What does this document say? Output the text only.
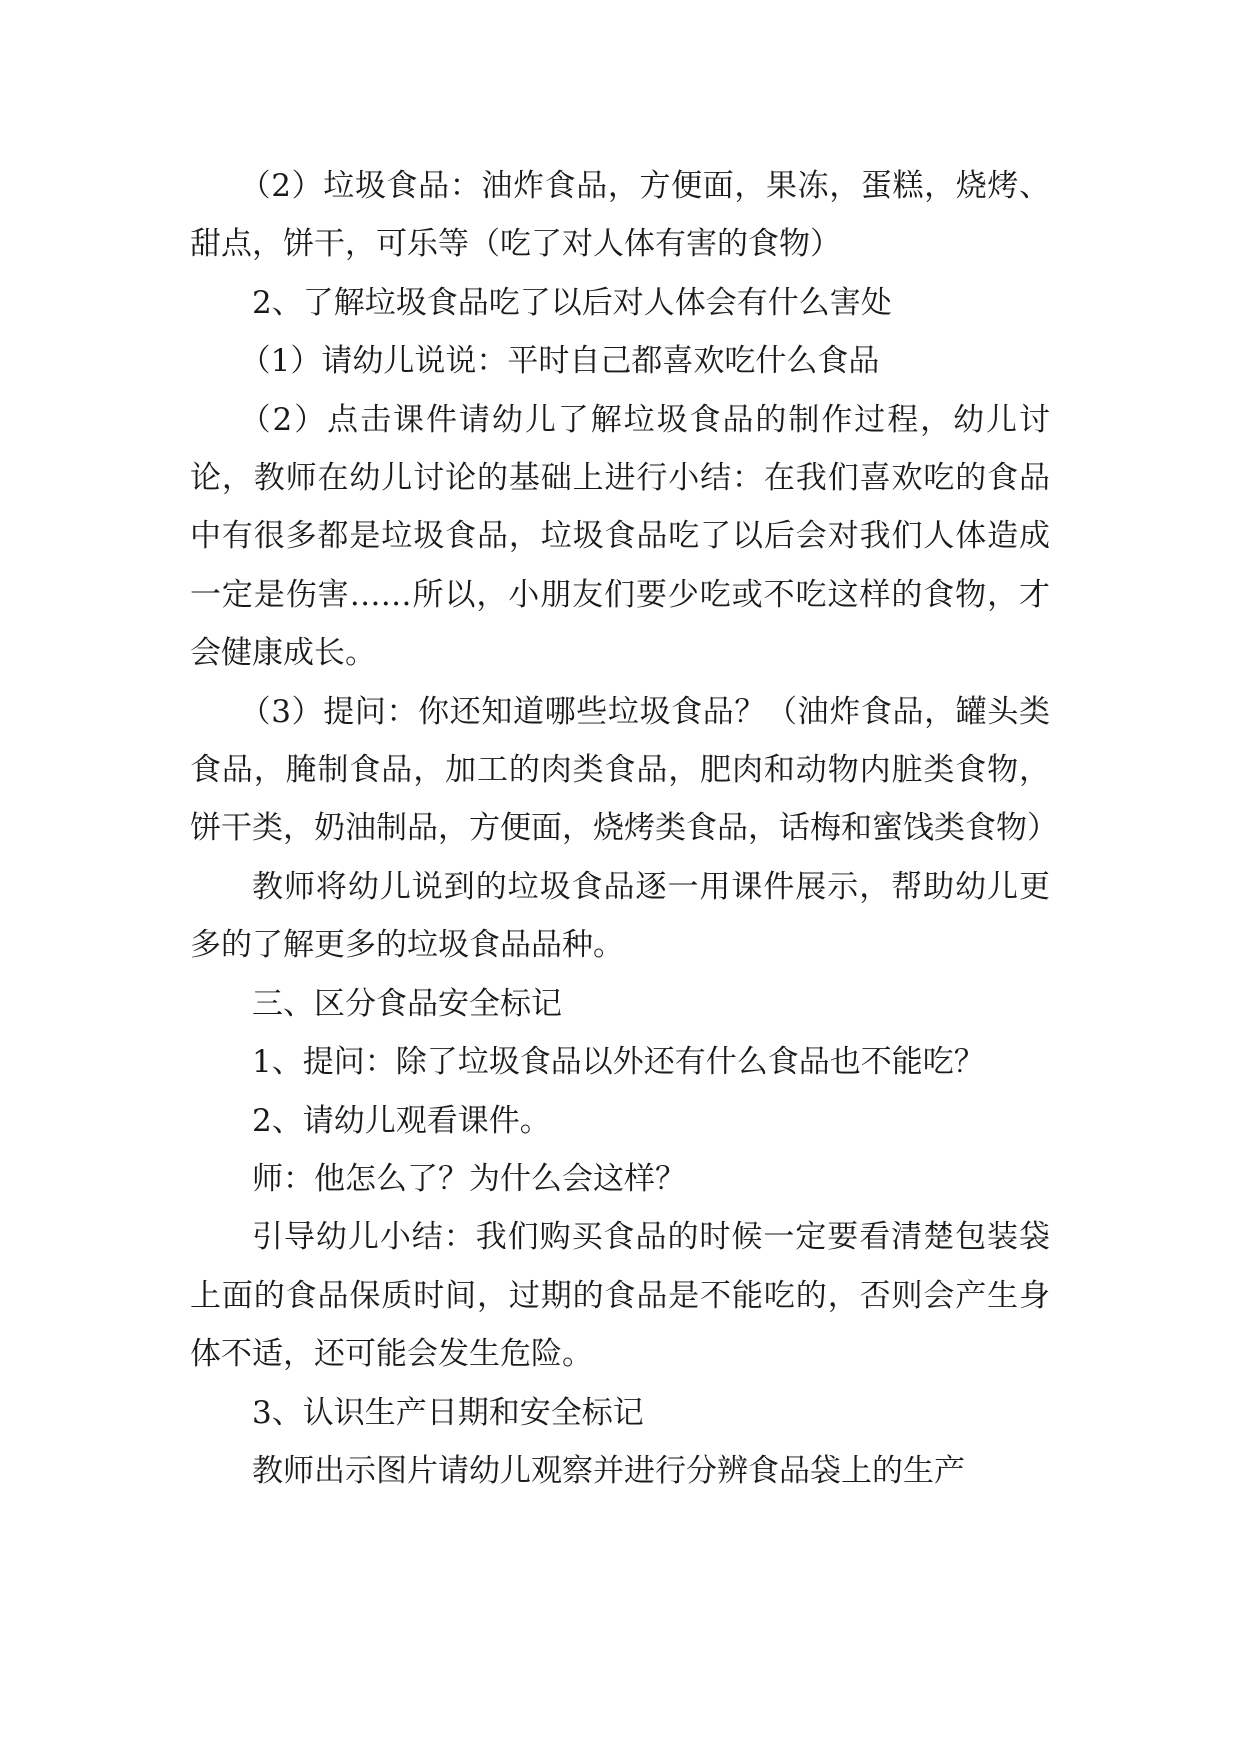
（2）垃圾食品：油炸食品，方便面，果冻，蛋糕，烧烤、甜点，饼干，可乐等（吃了对人体有害的食物）

2、了解垃圾食品吃了以后对人体会有什么害处

（1）请幼儿说说：平时自己都喜欢吃什么食品

（2）点击课件请幼儿了解垃圾食品的制作过程，幼儿讨论，教师在幼儿讨论的基础上进行小结：在我们喜欢吃的食品中有很多都是垃圾食品，垃圾食品吃了以后会对我们人体造成一定是伤害……所以，小朋友们要少吃或不吃这样的食物，才会健康成长。

（3）提问：你还知道哪些垃圾食品？（油炸食品，罐头类食品，腌制食品，加工的肉类食品，肥肉和动物内脏类食物，饼干类，奶油制品，方便面，烧烤类食品，话梅和蜜饯类食物）

教师将幼儿说到的垃圾食品逐一用课件展示，帮助幼儿更多的了解更多的垃圾食品品种。

三、区分食品安全标记

1、提问：除了垃圾食品以外还有什么食品也不能吃？

2、请幼儿观看课件。

师：他怎么了？为什么会这样？

引导幼儿小结：我们购买食品的时候一定要看清楚包装袋上面的食品保质时间，过期的食品是不能吃的，否则会产生身体不适，还可能会发生危险。

3、认识生产日期和安全标记

教师出示图片请幼儿观察并进行分辨食品袋上的生产
